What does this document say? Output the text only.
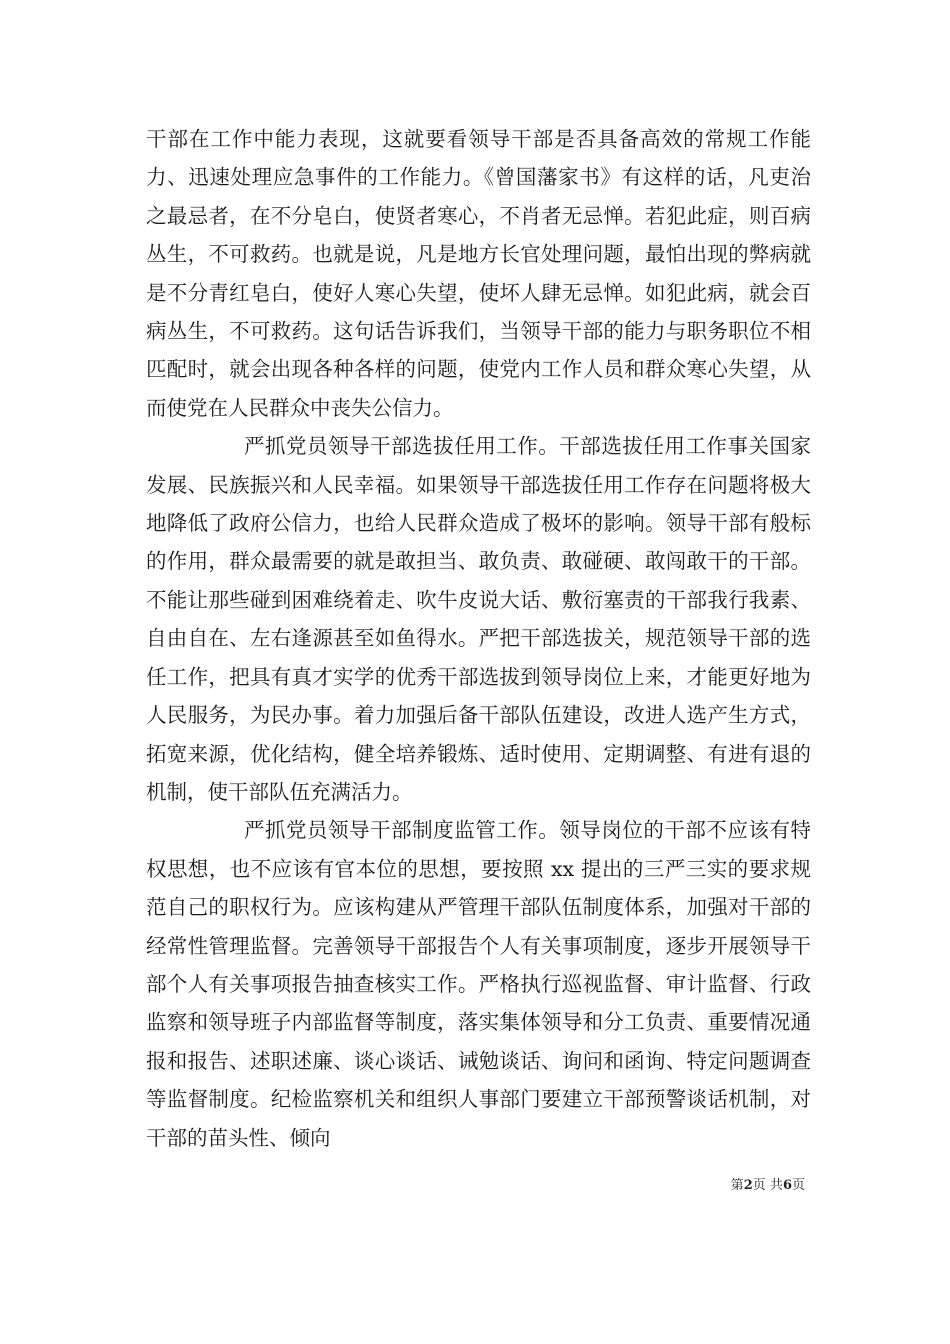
干部在工作中能力表现，这就要看领导干部是否具备高效的常规工作能力、迅速处理应急事件的工作能力。《曾国藩家书》有这样的话，凡吏治之最忌者，在不分皂白，使贤者寒心，不肖者无忌惮。若犯此症，则百病丛生，不可救药。也就是说，凡是地方长官处理问题，最怕出现的弊病就是不分青红皂白，使好人寒心失望，使坏人肆无忌惮。如犯此病，就会百病丛生，不可救药。这句话告诉我们，当领导干部的能力与职务职位不相匹配时，就会出现各种各样的问题，使党内工作人员和群众寒心失望，从而使党在人民群众中丧失公信力。

严抓党员领导干部选拔任用工作。干部选拔任用工作事关国家发展、民族振兴和人民幸福。如果领导干部选拔任用工作存在问题将极大地降低了政府公信力，也给人民群众造成了极坏的影响。领导干部有般标的作用，群众最需要的就是敢担当、敢负责、敢碰硬、敢闯敢干的干部。不能让那些碰到困难绕着走、吹牛皮说大话、敷衍塞责的干部我行我素、自由自在、左右逢源甚至如鱼得水。严把干部选拔关，规范领导干部的选任工作，把具有真才实学的优秀干部选拔到领导岗位上来，才能更好地为人民服务，为民办事。着力加强后备干部队伍建设，改进人选产生方式，拓宽来源，优化结构，健全培养锻炼、适时使用、定期调整、有进有退的机制，使干部队伍充满活力。

严抓党员领导干部制度监管工作。领导岗位的干部不应该有特权思想，也不应该有官本位的思想，要按照 xx 提出的三严三实的要求规范自己的职权行为。应该构建从严管理干部队伍制度体系，加强对干部的经常性管理监督。完善领导干部报告个人有关事项制度，逐步开展领导干部个人有关事项报告抽查核实工作。严格执行巡视监督、审计监督、行政监察和领导班子内部监督等制度，落实集体领导和分工负责、重要情况通报和报告、述职述廉、谈心谈话、诫勉谈话、询问和函询、特定问题调查等监督制度。纪检监察机关和组织人事部门要建立干部预警谈话机制，对干部的苗头性、倾向

第2页 共6页
